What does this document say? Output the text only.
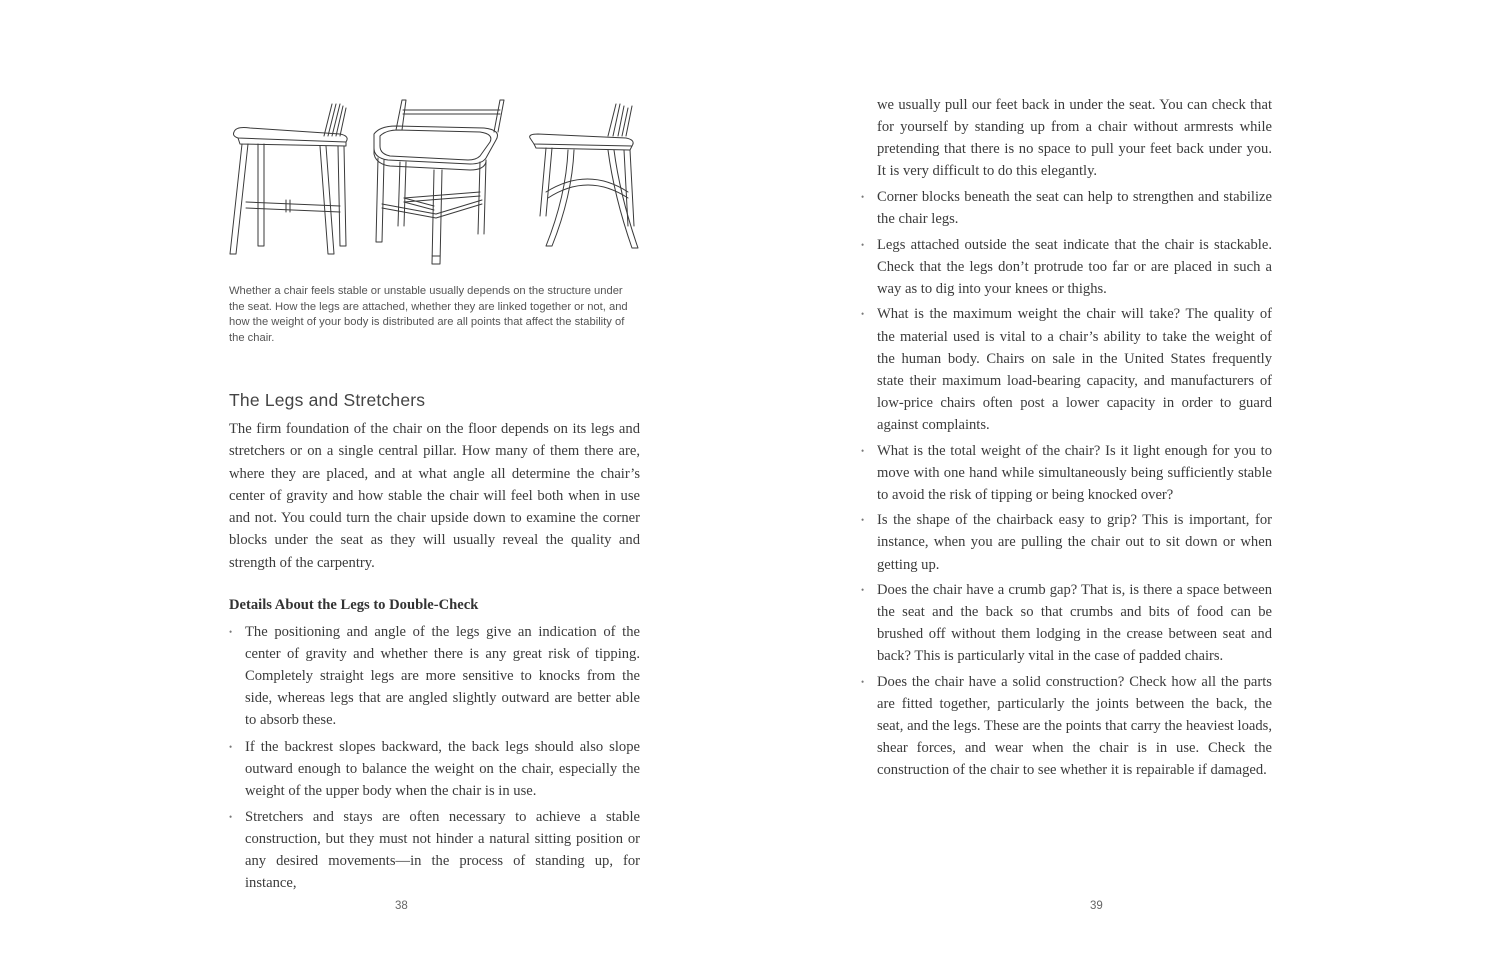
Whether a chair feels stable or unstable usually depends on the structure under the seat. How the legs are attached, whether they are linked together or not, and how the weight of your body is distributed are all points that affect the stability of the chair.

The Legs and Stretchers

The firm foundation of the chair on the floor depends on its legs and stretchers or on a single central pillar. How many of them there are, where they are placed, and at what angle all determine the chair’s center of gravity and how stable the chair will feel both when in use and not. You could turn the chair upside down to examine the corner blocks under the seat as they will usually reveal the quality and strength of the carpentry.

Details About the Legs to Double-Check
• The positioning and angle of the legs give an indication of the center of gravity and whether there is any great risk of tipping. Completely straight legs are more sensitive to knocks from the side, whereas legs that are angled slightly outward are better able to absorb these.
• If the backrest slopes backward, the back legs should also slope outward enough to balance the weight on the chair, especially the weight of the upper body when the chair is in use.
• Stretchers and stays are often necessary to achieve a stable construction, but they must not hinder a natural sitting position or any desired movements—in the process of standing up, for instance,
38

we usually pull our feet back in under the seat. You can check that for yourself by standing up from a chair without armrests while pretending that there is no space to pull your feet back under you. It is very difficult to do this elegantly.

• Corner blocks beneath the seat can help to strengthen and stabilize the chair legs.
• Legs attached outside the seat indicate that the chair is stackable. Check that the legs don’t protrude too far or are placed in such a way as to dig into your knees or thighs.
• What is the maximum weight the chair will take? The quality of the material used is vital to a chair’s ability to take the weight of the human body. Chairs on sale in the United States frequently state their maximum load-bearing capacity, and manufacturers of low-price chairs often post a lower capacity in order to guard against complaints.
• What is the total weight of the chair? Is it light enough for you to move with one hand while simultaneously being sufficiently stable to avoid the risk of tipping or being knocked over?
• Is the shape of the chairback easy to grip? This is important, for instance, when you are pulling the chair out to sit down or when getting up.
• Does the chair have a crumb gap? That is, is there a space between the seat and the back so that crumbs and bits of food can be brushed off without them lodging in the crease between seat and back? This is particularly vital in the case of padded chairs.
• Does the chair have a solid construction? Check how all the parts are fitted together, particularly the joints between the back, the seat, and the legs. These are the points that carry the heaviest loads, shear forces, and wear when the chair is in use. Check the construction of the chair to see whether it is repairable if damaged.
39
